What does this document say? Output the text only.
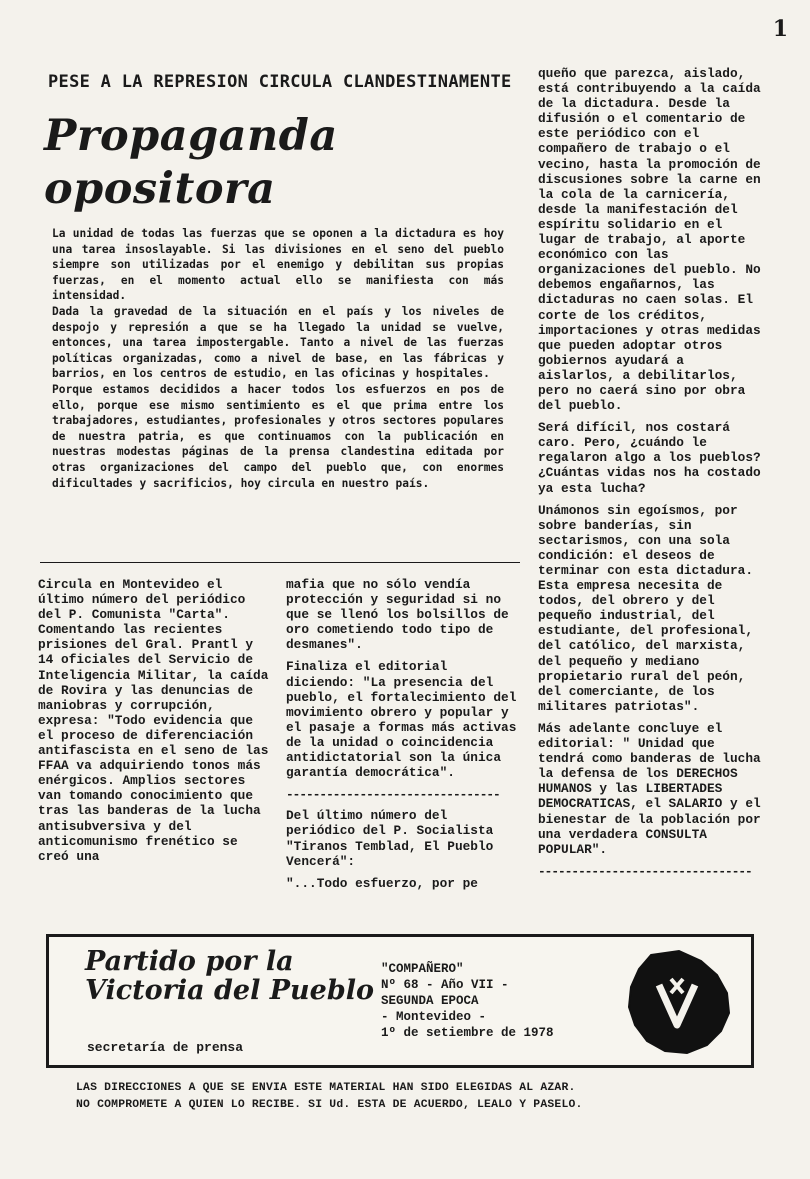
1
PESE A LA REPRESION CIRCULA CLANDESTINAMENTE
Propaganda opositora

La unidad de todas las fuerzas que se oponen a la dictadura es hoy una tarea insoslayable. Si las divisiones en el seno del pueblo siempre son utilizadas por el enemigo y debilitan sus propias fuerzas, en el momento actual ello se manifiesta con más intensidad.

Dada la gravedad de la situación en el país y los niveles de despojo y represión a que se ha llegado la unidad se vuelve, entonces, una tarea impostergable. Tanto a nivel de las fuerzas políticas organizadas, como a nivel de base, en las fábricas y barrios, en los centros de estudio, en las oficinas y hospitales.

Porque estamos decididos a hacer todos los esfuerzos en pos de ello, porque ese mismo sentimiento es el que prima entre los trabajadores, estudiantes, profesionales y otros sectores populares de nuestra patria, es que continuamos con la publicación en nuestras modestas páginas de la prensa clandestina editada por otras organizaciones del campo del pueblo que, con enormes dificultades y sacrificios, hoy circula en nuestro país.

Circula en Montevideo el último número del periódico del P. Comunista "Carta". Comentando las recientes prisiones del Gral. Prantl y 14 oficiales del Servicio de Inteligencia Militar, la caída de Rovira y las denuncias de maniobras y corrupción, expresa: "Todo evidencia que el proceso de diferenciación antifascista en el seno de las FFAA va adquiriendo tonos más enérgicos. Amplios sectores van tomando conocimiento que tras las banderas de la lucha antisubversiva y del anticomunismo frenético se creó una

mafia que no sólo vendía protección y seguridad si no que se llenó los bolsillos de oro cometiendo todo tipo de desmanes".

Finaliza el editorial diciendo: "La presencia del pueblo, el fortalecimiento del movimiento obrero y popular y el pasaje a formas más activas de la unidad o coincidencia antidictatorial son la única garantía democrática".

--------------------------------

Del último número del periódico del P. Socialista "Tiranos Temblad, El Pueblo Vencerá":

"...Todo esfuerzo, por pe

queño que parezca, aislado, está contribuyendo a la caída de la dictadura. Desde la difusión o el comentario de este periódico con el compañero de trabajo o el vecino, hasta la promoción de discusiones sobre la carne en la cola de la carnicería, desde la manifestación del espíritu solidario en el lugar de trabajo, al aporte económico con las organizaciones del pueblo. No debemos engañarnos, las dictaduras no caen solas. El corte de los créditos, importaciones y otras medidas que pueden adoptar otros gobiernos ayudará a aislarlos, a debilitarlos, pero no caerá sino por obra del pueblo.

Será difícil, nos costará caro. Pero, ¿cuándo le regalaron algo a los pueblos? ¿Cuántas vidas nos ha costado ya esta lucha?

Unámonos sin egoísmos, por sobre banderías, sin sectarismos, con una sola condición: el deseos de terminar con esta dictadura. Esta empresa necesita de todos, del obrero y del pequeño industrial, del estudiante, del profesional, del católico, del marxista, del pequeño y mediano propietario rural del peón, del comerciante, de los militares patriotas".

Más adelante concluye el editorial: " Unidad que tendrá como banderas de lucha la defensa de los DERECHOS HUMANOS y las LIBERTADES DEMOCRATICAS, el SALARIO y el bienestar de la población por una verdadera CONSULTA POPULAR".

--------------------------------
Partido por la Victoria del Pueblo
secretaría de prensa
"COMPAÑERO"
Nº 68 - Año VII -
SEGUNDA EPOCA
- Montevideo -
1º de setiembre de 1978
LAS DIRECCIONES A QUE SE ENVIA ESTE MATERIAL HAN SIDO ELEGIDAS AL AZAR.
NO COMPROMETE A QUIEN LO RECIBE. SI Ud. ESTA DE ACUERDO, LEALO Y PASELO.
